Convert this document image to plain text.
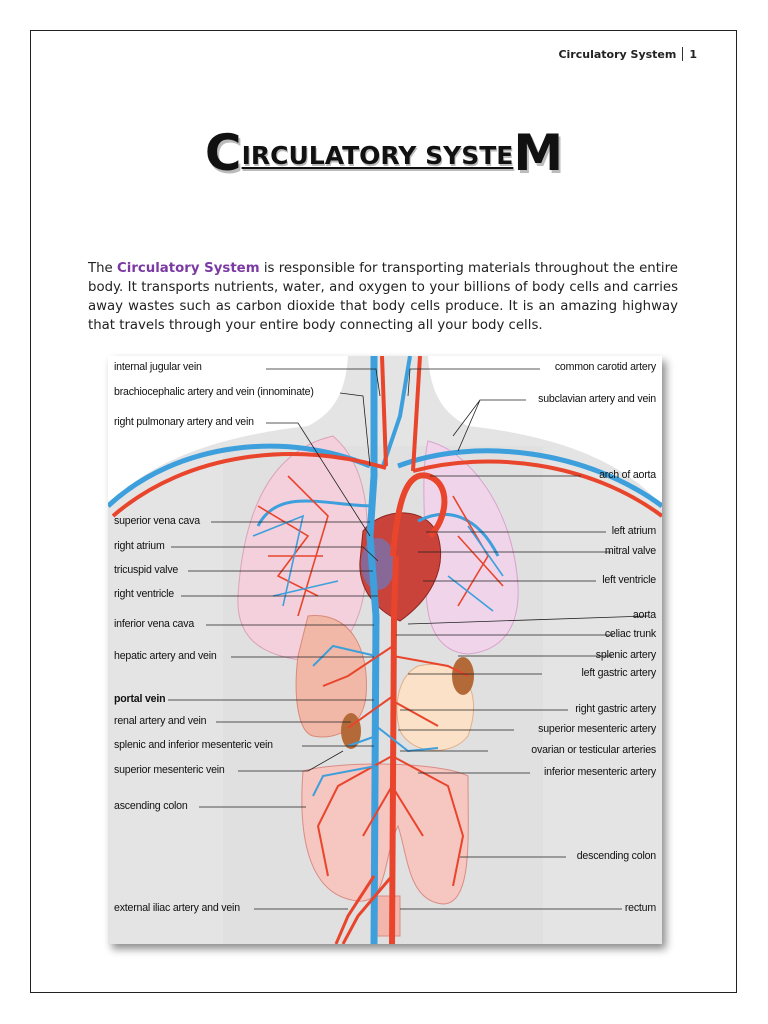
Circulatory System 1
CIRCULATORY SYSTEM

The Circulatory System is responsible for transporting materials throughout the entire body. It transports nutrients, water, and oxygen to your billions of body cells and carries away wastes such as carbon dioxide that body cells produce. It is an amazing highway that travels through your entire body connecting all your body cells.

internal jugular vein
brachiocephalic artery and vein (innominate)
right pulmonary artery and vein
superior vena cava
right atrium
tricuspid valve
right ventricle
inferior vena cava
hepatic artery and vein
portal vein
renal artery and vein
splenic and inferior mesenteric vein
superior mesenteric vein
ascending colon
external iliac artery and vein
common carotid artery
subclavian artery and vein
arch of aorta
left atrium
mitral valve
left ventricle
aorta
celiac trunk
splenic artery
left gastric artery
right gastric artery
superior mesenteric artery
ovarian or testicular arteries
inferior mesenteric artery
descending colon
rectum
